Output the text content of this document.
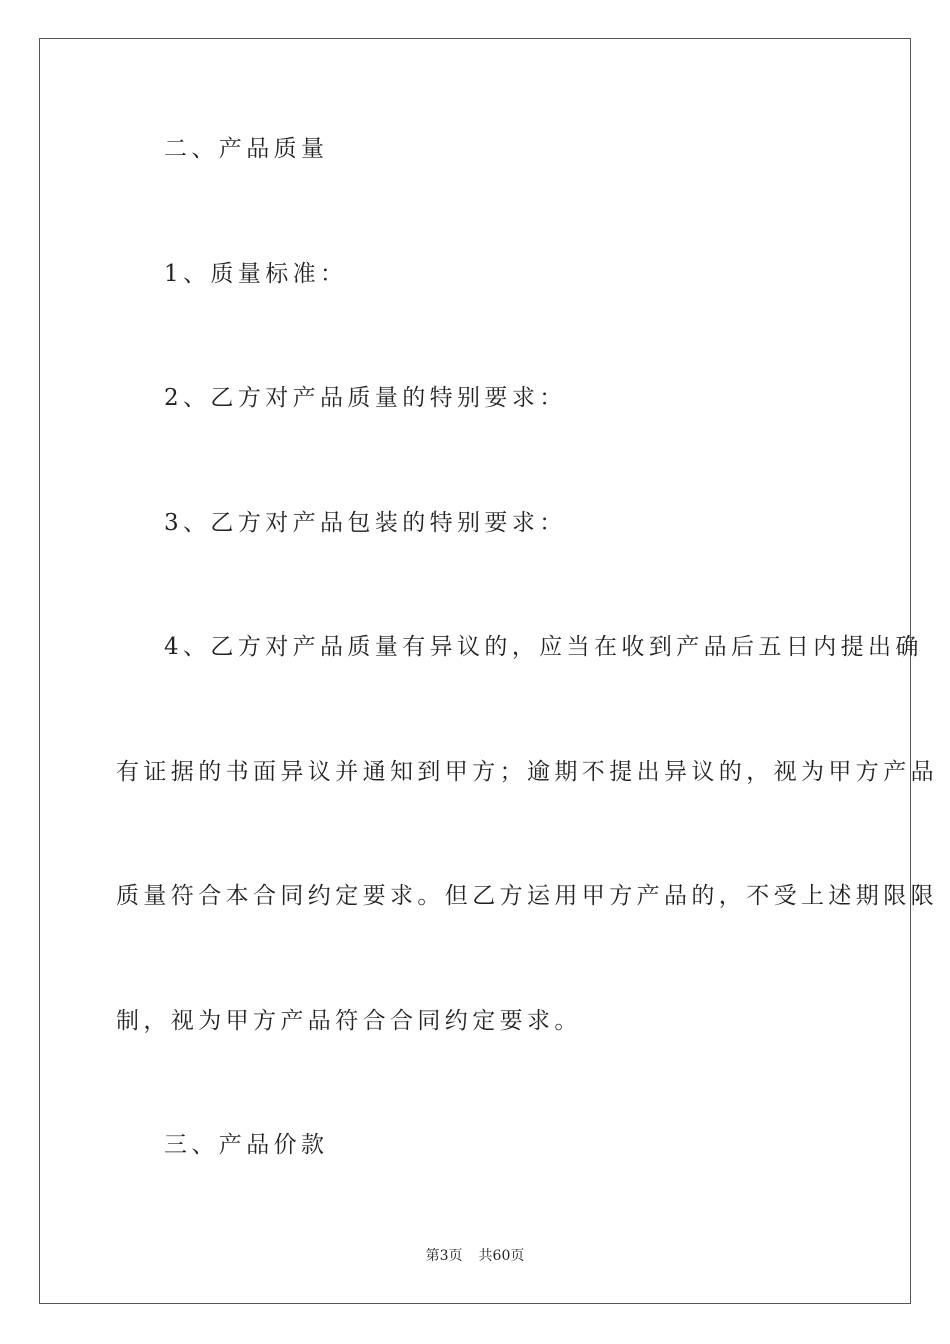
二、产品质量
1、质量标准：
2、乙方对产品质量的特别要求：
3、乙方对产品包装的特别要求：
4、乙方对产品质量有异议的，应当在收到产品后五日内提出确
有证据的书面异议并通知到甲方；逾期不提出异议的，视为甲方产品
质量符合本合同约定要求。但乙方运用甲方产品的，不受上述期限限
制，视为甲方产品符合合同约定要求。
三、产品价款
第3页 共60页
